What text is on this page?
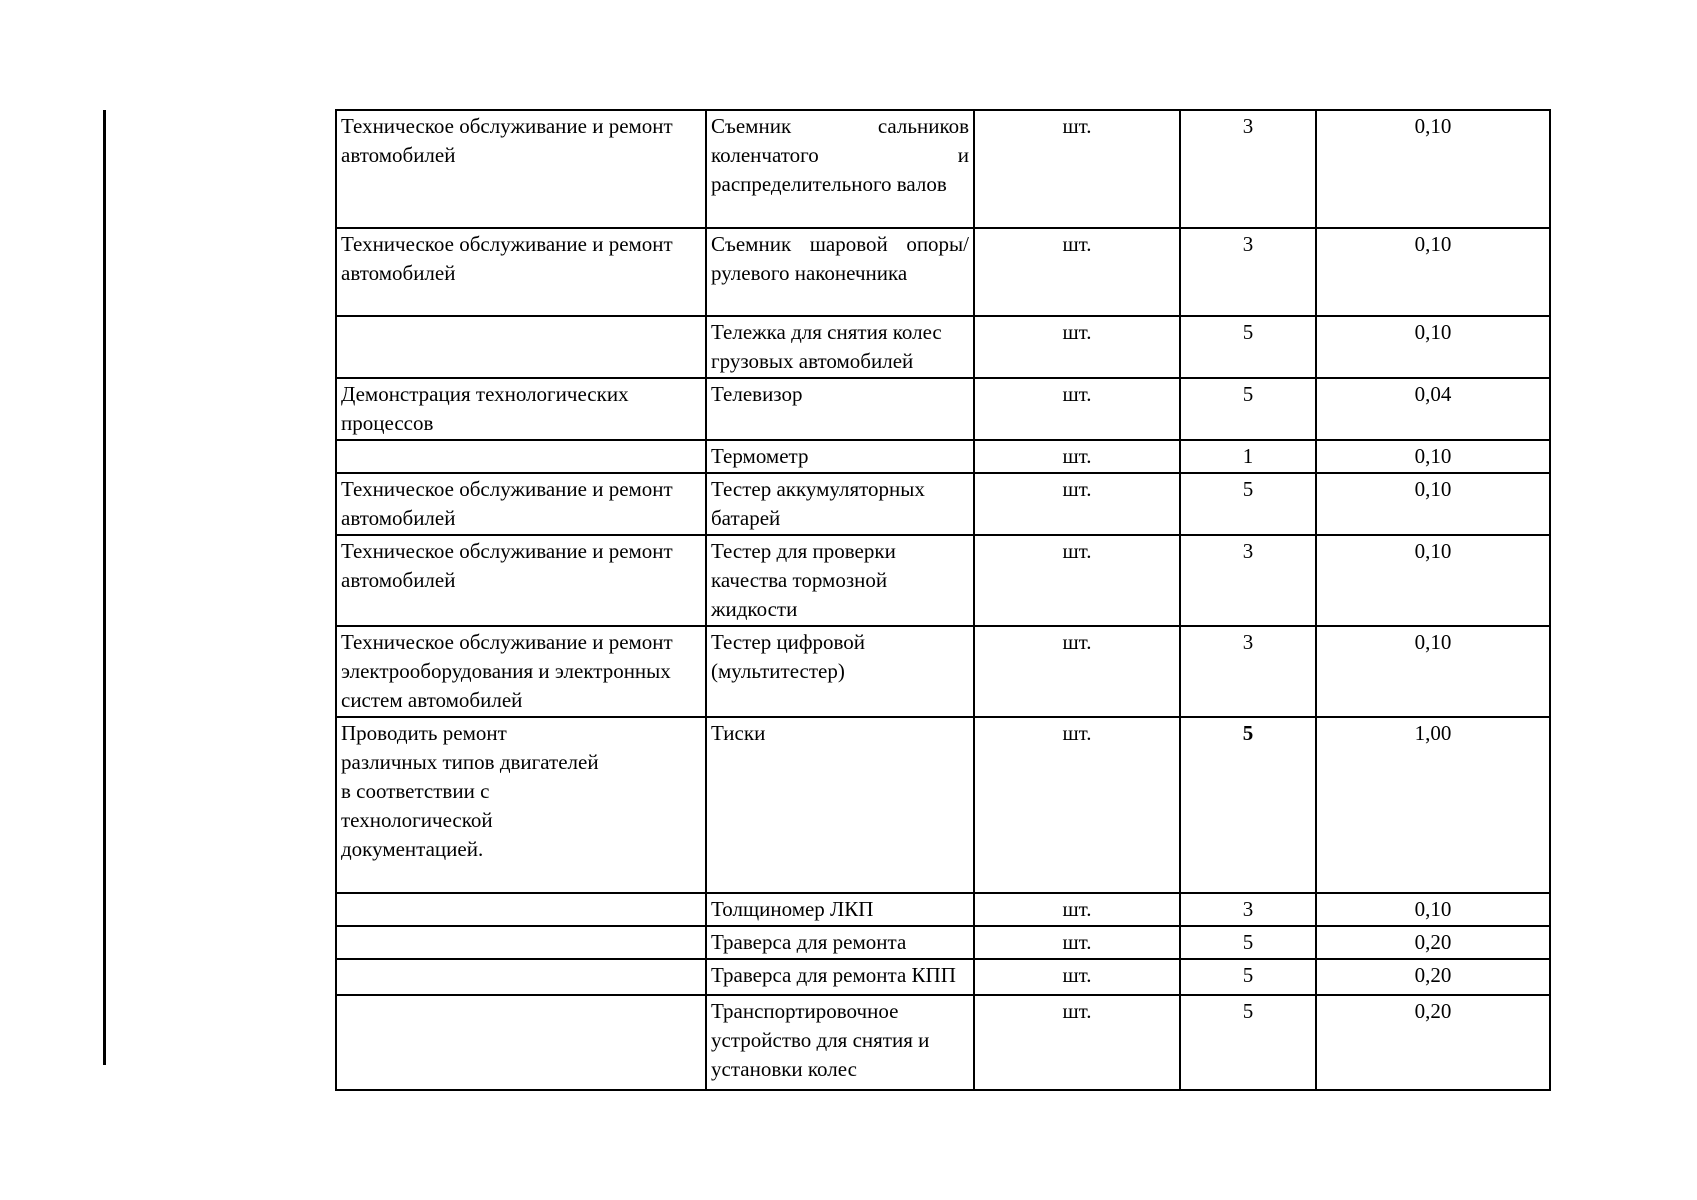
Техническое обслуживание и ремонт автомобилей	Съемник сальников коленчатого и распределительного валов	шт.	3	0,10
Техническое обслуживание и ремонт автомобилей	Съемник шаровой опоры/рулевого наконечника	шт.	3	0,10
	Тележка для снятия колес грузовых автомобилей	шт.	5	0,10
Демонстрация технологических процессов	Телевизор	шт.	5	0,04
	Термометр	шт.	1	0,10
Техническое обслуживание и ремонт автомобилей	Тестер аккумуляторных батарей	шт.	5	0,10
Техническое обслуживание и ремонт автомобилей	Тестер для проверки качества тормозной жидкости	шт.	3	0,10
Техническое обслуживание и ремонт электрооборудования и электронных систем автомобилей	Тестер цифровой (мультитестер)	шт.	3	0,10
Проводить ремонт
различных типов двигателей
в соответствии с
технологической
документацией.	Тиски	шт.	5	1,00
	Толщиномер ЛКП	шт.	3	0,10
	Траверса для ремонта	шт.	5	0,20
	Траверса для ремонта КПП	шт.	5	0,20
	Транспортировочное устройство для снятия и установки колес	шт.	5	0,20
